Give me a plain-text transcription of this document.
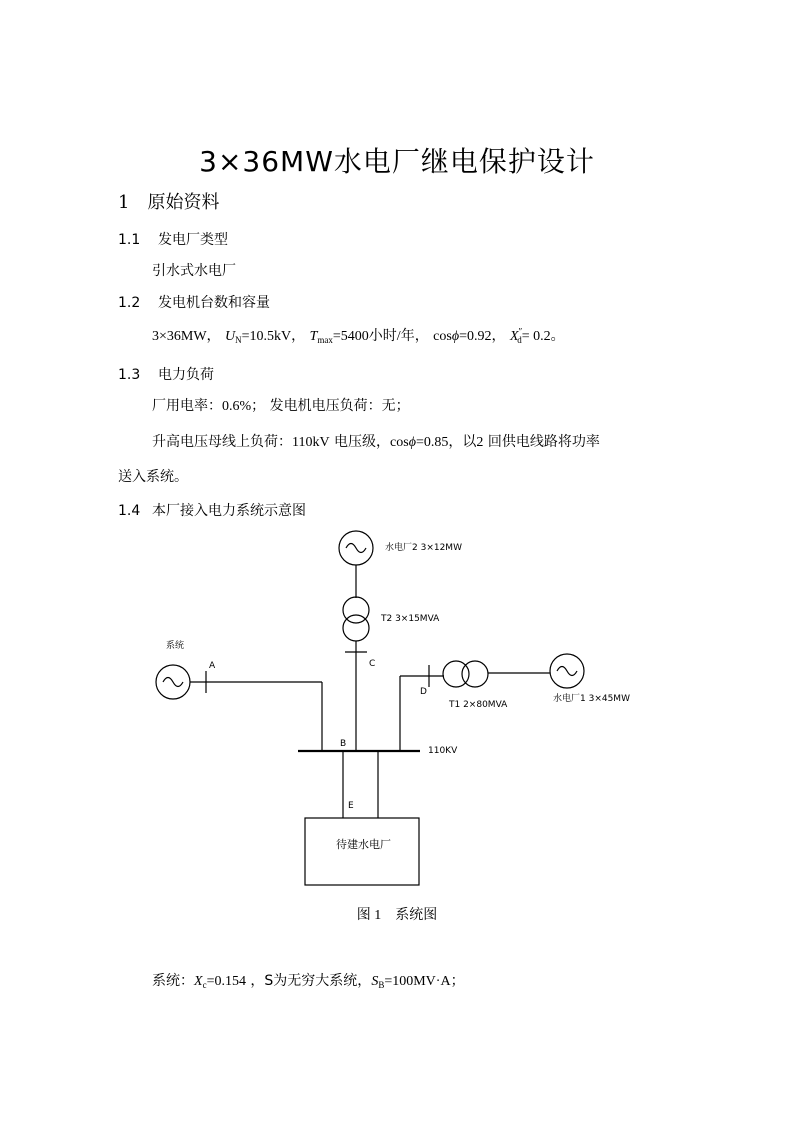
3×36MW水电厂继电保护设计
1 原始资料
1.1 发电厂类型
引水式水电厂
1.2 发电机台数和容量
3×36MW， $U_N=10.5kV$， $T_{max}=5400$小时/年， cosϕ=0.92， $X''_d= 0.2$。
1.3 电力负荷
厂用电率：0.6%； 发电机电压负荷：无；
升高电压母线上负荷：110kV 电压级，cosϕ=0.85，以2 回供电线路将功率
送入系统。
1.4 本厂接入电力系统示意图
水电厂2 3×12MW
T2 3×15MVA
系统
A	C
D
T1 2×80MVA
水电厂1 3×45MW
B
110KV
E
待建水电厂
图 1 系统图
系统：$X_c=0.154$ ，S为无穷大系统，$S_B=100MV\cdot A$；
